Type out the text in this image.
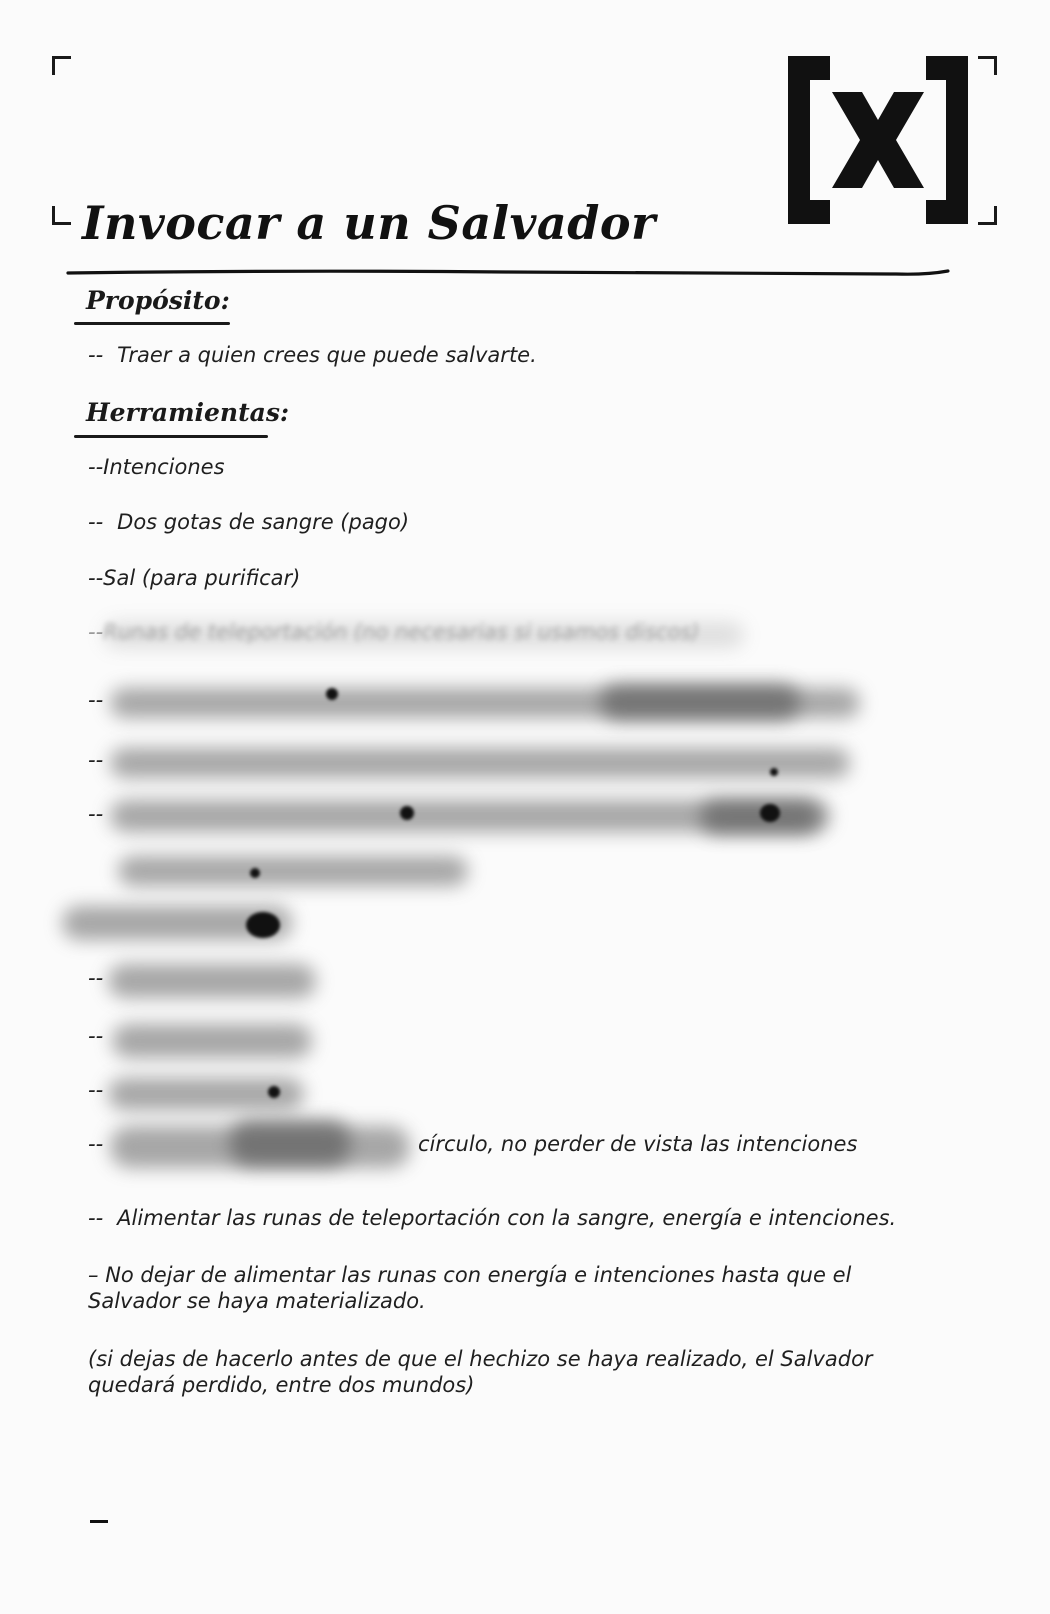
Invocar a un Salvador
Propósito:
-- Traer a quien crees que puede salvarte.
Herramientas:
--Intenciones
-- Dos gotas de sangre (pago)
--Sal (para purificar)
--Runas de teleportación (no necesarias si usamos discos)
--
--
--
--
--
--
--	círculo, no perder de vista las intenciones
-- Alimentar las runas de teleportación con la sangre, energía e intenciones.
– No dejar de alimentar las runas con energía e intenciones hasta que el Salvador se haya materializado.
(si dejas de hacerlo antes de que el hechizo se haya realizado, el Salvador quedará perdido, entre dos mundos)
